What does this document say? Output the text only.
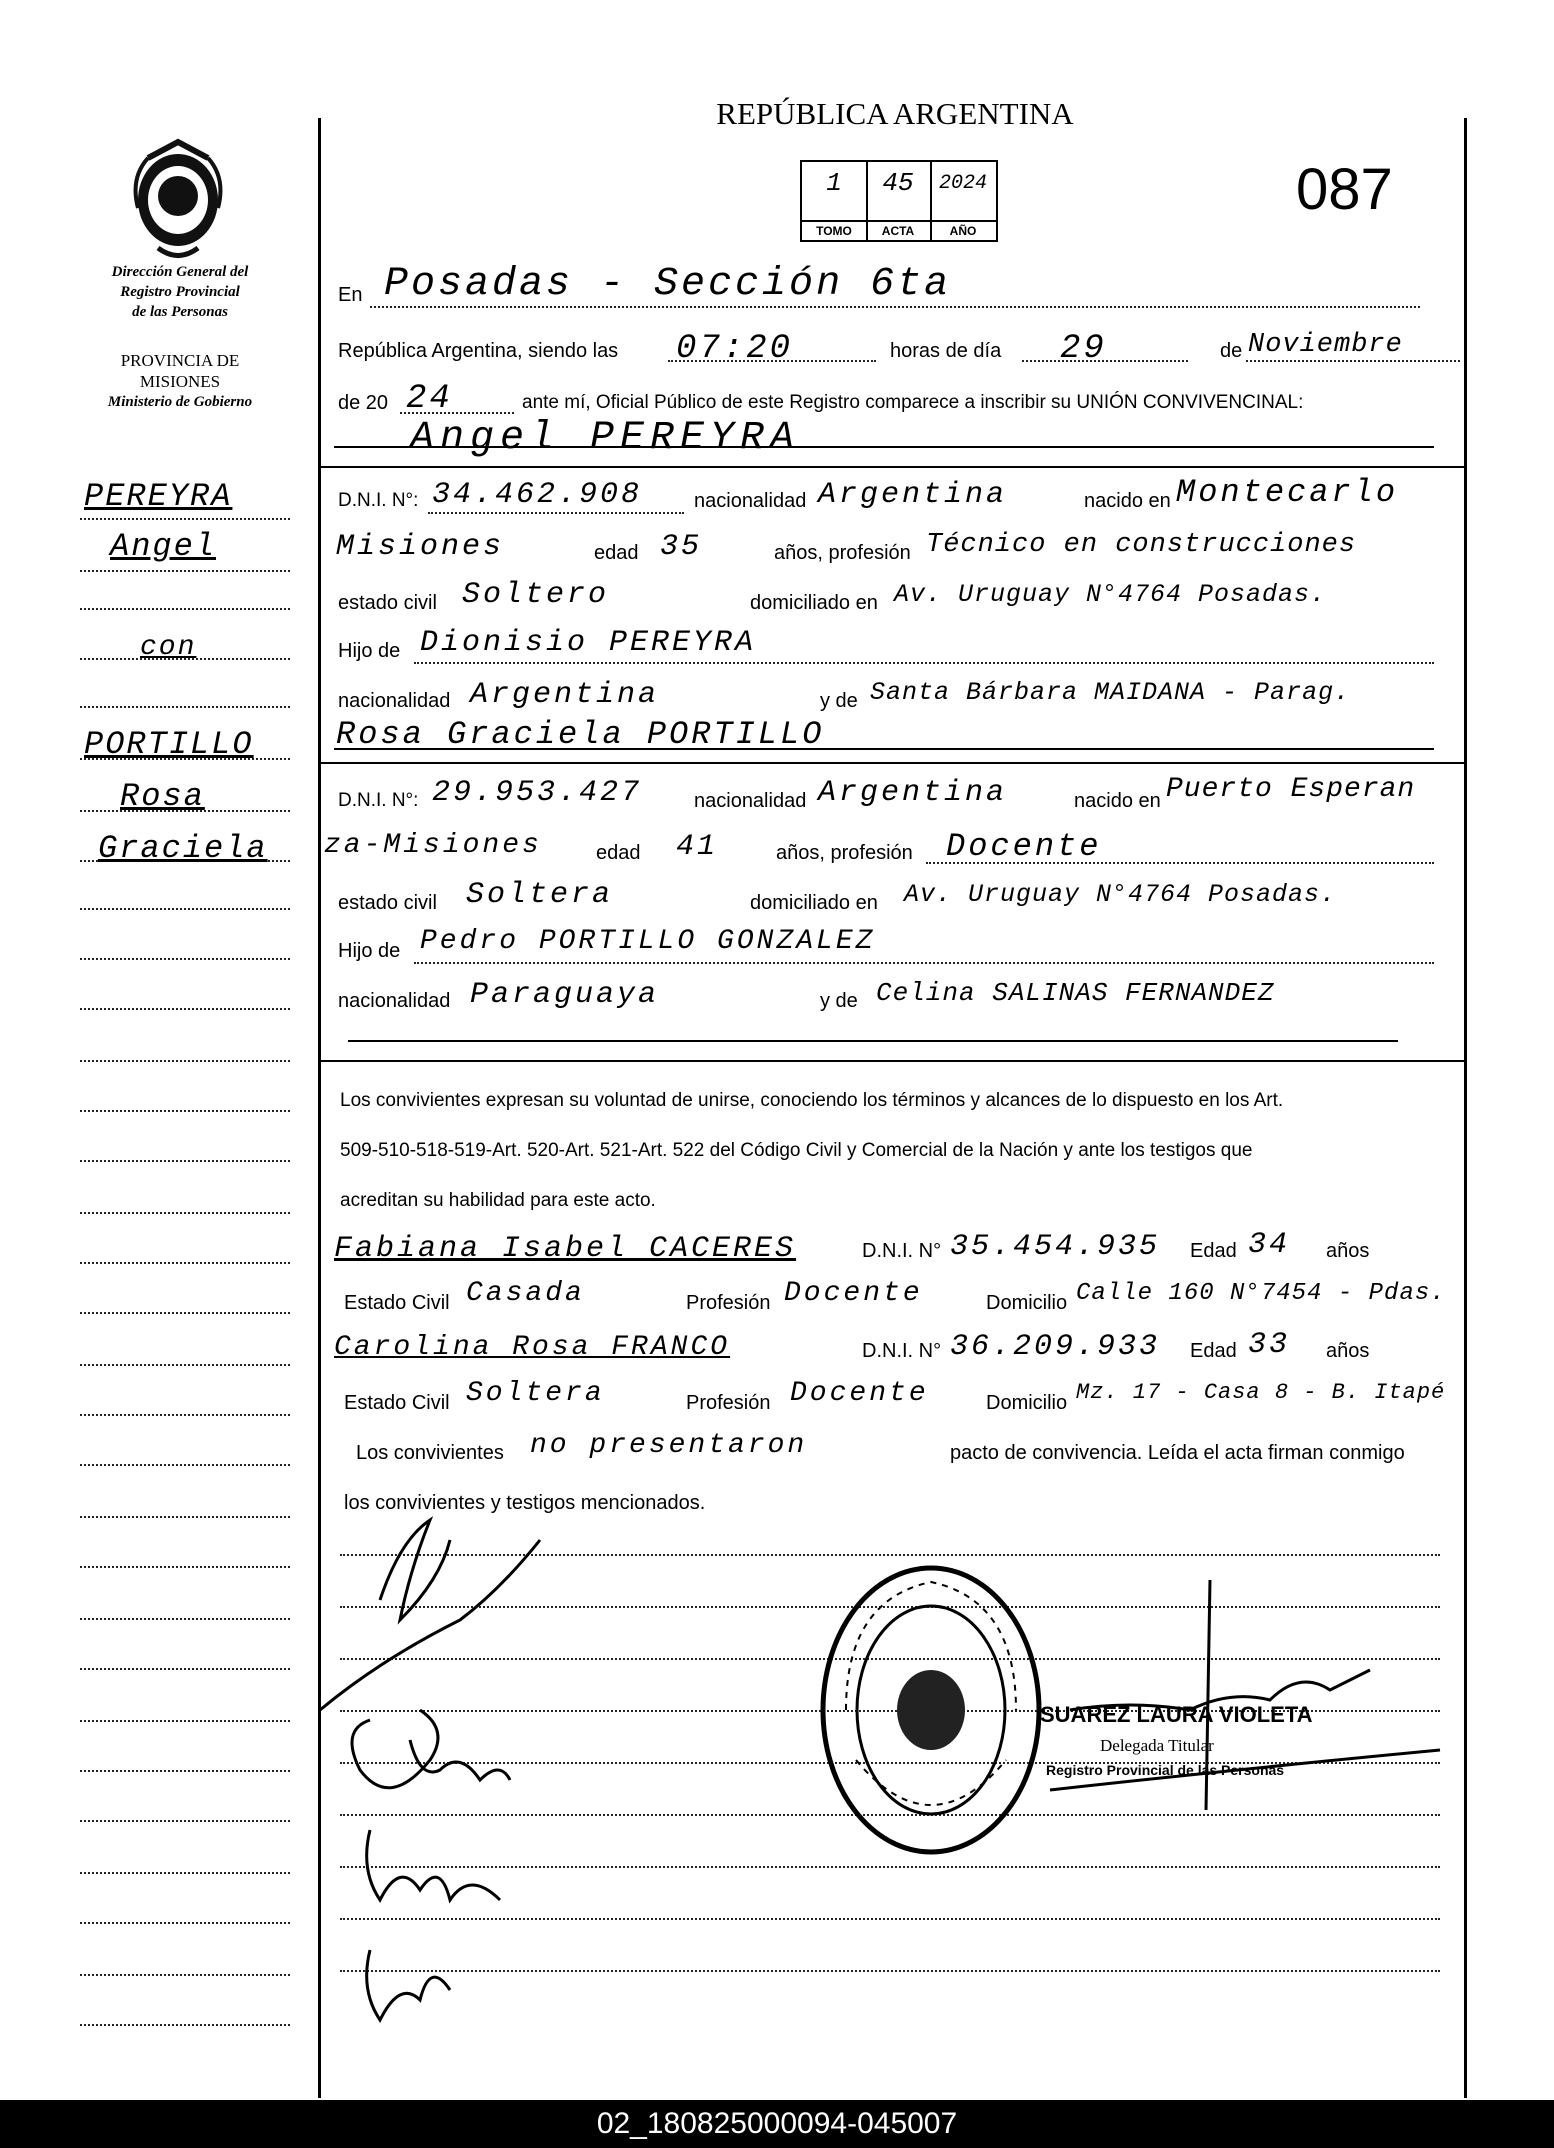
Dirección General del
Registro Provincial
de las Personas
PROVINCIA DE
MISIONES
Ministerio de Gobierno
PEREYRA
Angel
con
PORTILLO
Rosa
Graciela
REPÚBLICA ARGENTINA
087
1
TOMO
45
ACTA
2024
AÑO
En Posadas - Sección 6ta
República Argentina, siendo las 07:20	horas de día 29	de Noviembre
de 20 24	ante mí, Oficial Público de este Registro comparece a inscribir su UNIÓN CONVIVENCINAL:
Angel PEREYRA
D.N.I. N°: 34.462.908	nacionalidad Argentina	nacido en Montecarlo
Misiones	edad 35	años, profesión Técnico en construcciones
estado civil Soltero	domiciliado en Av. Uruguay N°4764 Posadas.
Hijo de Dionisio PEREYRA
nacionalidad Argentina	y de Santa Bárbara MAIDANA - Parag.
Rosa Graciela PORTILLO
D.N.I. N°: 29.953.427	nacionalidad Argentina	nacido en Puerto Esperan
za-Misiones	edad 41	años, profesión Docente
estado civil Soltera	domiciliado en Av. Uruguay N°4764 Posadas.
Hijo de Pedro PORTILLO GONZALEZ
nacionalidad Paraguaya	y de Celina SALINAS FERNANDEZ
Los convivientes expresan su voluntad de unirse, conociendo los términos y alcances de lo dispuesto en los Art.
509-510-518-519-Art. 520-Art. 521-Art. 522 del Código Civil y Comercial de la Nación y ante los testigos que
acreditan su habilidad para este acto.
Fabiana Isabel CACERES	D.N.I. N° 35.454.935 Edad 34 años
Estado Civil Casada	Profesión Docente	Domicilio Calle 160 N°7454 - Pdas.
Carolina Rosa FRANCO	D.N.I. N° 36.209.933 Edad 33 años
Estado Civil Soltera	Profesión Docente	Domicilio Mz. 17 - Casa 8 - B. Itapé
Los convivientes no presentaron	pacto de convivencia. Leída el acta firman conmigo
los convivientes y testigos mencionados.
SUAREZ LAURA VIOLETA
Delegada Titular
Registro Provincial de las Personas
02_180825000094-045007
